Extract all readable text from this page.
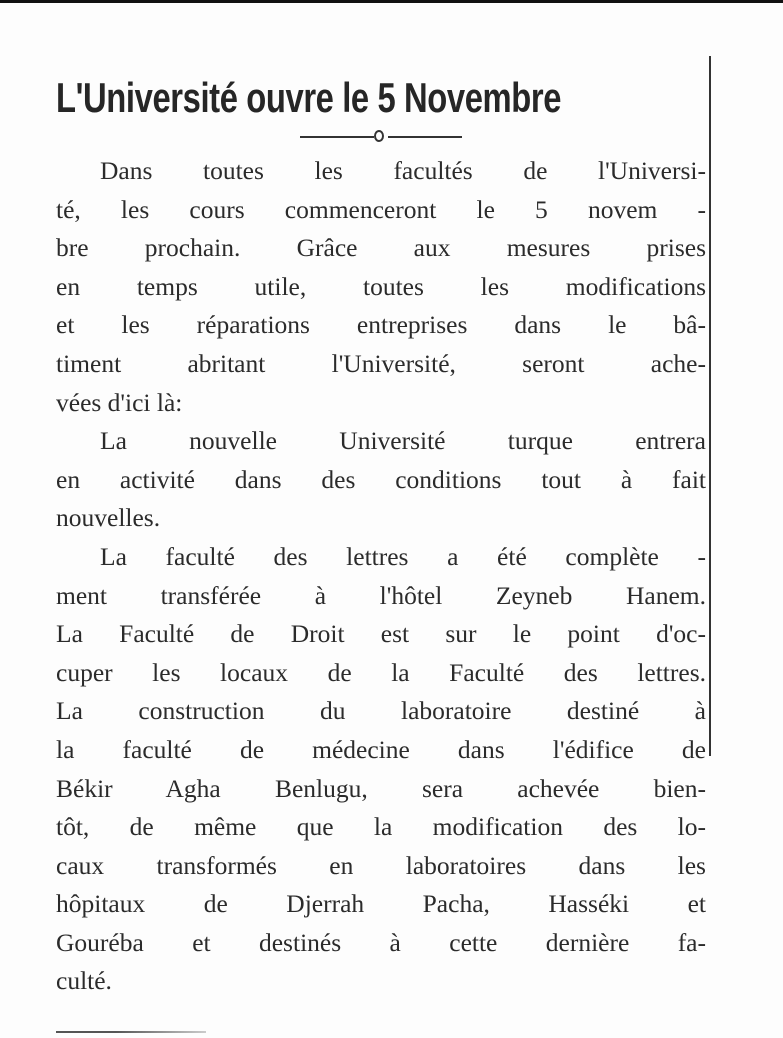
L'Université ouvre le 5 Novembre
Dans toutes les facultés de l'Universi-
té, les cours commenceront le 5 novem -
bre prochain. Grâce aux mesures prises
en temps utile, toutes les modifications
et les réparations entreprises dans le bâ-
timent abritant l'Université, seront ache-
vées d'ici là:
La nouvelle Université turque entrera
en activité dans des conditions tout à fait
nouvelles.
La faculté des lettres a été complète -
ment transférée à l'hôtel Zeyneb Hanem.
La Faculté de Droit est sur le point d'oc-
cuper les locaux de la Faculté des lettres.
La construction du laboratoire destiné à
la faculté de médecine dans l'édifice de
Békir Agha Benlugu, sera achevée bien-
tôt, de même que la modification des lo-
caux transformés en laboratoires dans les
hôpitaux de Djerrah Pacha, Hasséki et
Gouréba et destinés à cette dernière fa-
culté.
